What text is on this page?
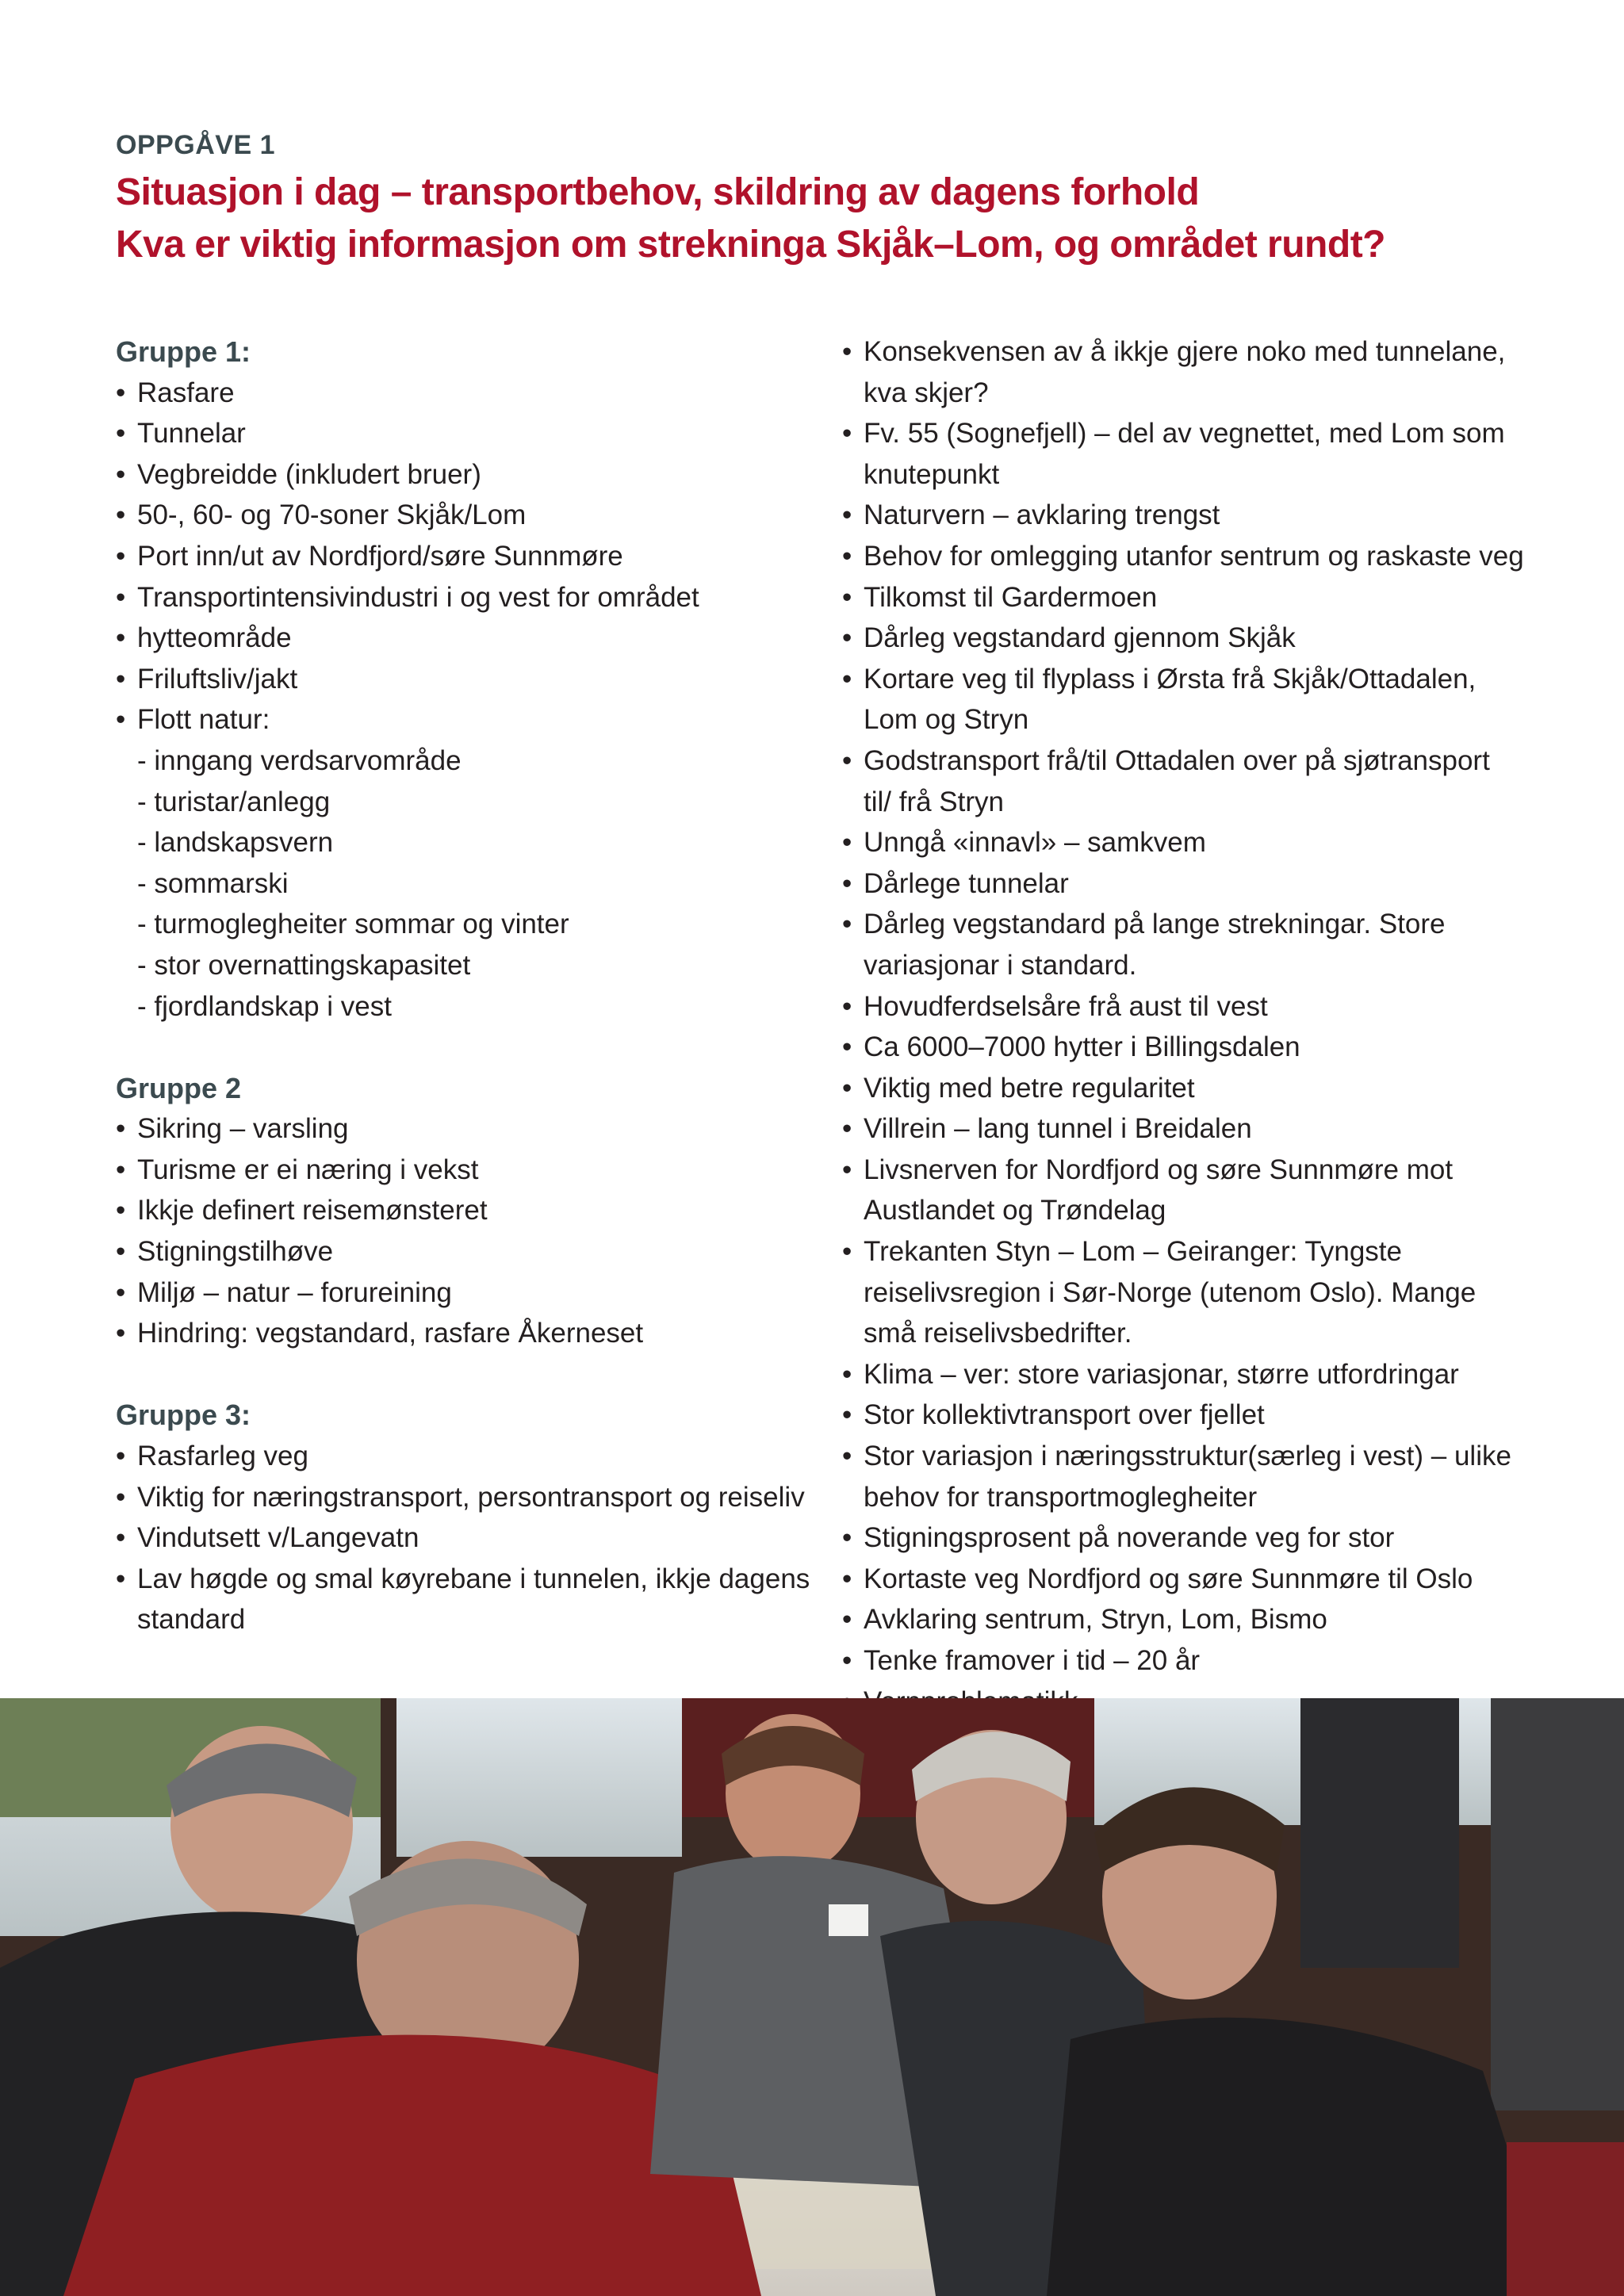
OPPGÅVE 1

Situasjon i dag – transportbehov, skildring av dagens forhold
Kva er viktig informasjon om strekninga Skjåk–Lom, og området rundt?

Gruppe 1:
• Rasfare
• Tunnelar
• Vegbreidde (inkludert bruer)
• 50-, 60- og 70-soner Skjåk/Lom
• Port inn/ut av Nordfjord/søre Sunnmøre
• Transportintensivindustri i og vest for området
• hytteområde
• Friluftsliv/jakt
• Flott natur:
- inngang verdsarvområde
- turistar/anlegg
- landskapsvern
- sommarski
- turmoglegheiter sommar og vinter
- stor overnattingskapasitet
- fjordlandskap i vest
Gruppe 2
• Sikring – varsling
• Turisme er ei næring i vekst
• Ikkje definert reisemønsteret
• Stigningstilhøve
• Miljø – natur – forureining
• Hindring: vegstandard, rasfare Åkerneset
Gruppe 3:
• Rasfarleg veg
• Viktig for næringstransport, persontransport og reiseliv
• Vindutsett v/Langevatn
• Lav høgde og smal køyrebane i tunnelen, ikkje dagens standard
• Konsekvensen av å ikkje gjere noko med tunnelane, kva skjer?
• Fv. 55 (Sognefjell) – del av vegnettet, med Lom som knutepunkt
• Naturvern – avklaring trengst
• Behov for omlegging utanfor sentrum og raskaste veg
• Tilkomst til Gardermoen
• Dårleg vegstandard gjennom Skjåk
• Kortare veg til flyplass i Ørsta frå Skjåk/Ottadalen, Lom og Stryn
• Godstransport frå/til Ottadalen over på sjøtransport til/ frå Stryn
• Unngå «innavl» – samkvem
• Dårlege tunnelar
• Dårleg vegstandard på lange strekningar. Store variasjonar i standard.
• Hovudferdselsåre frå aust til vest
• Ca 6000–7000 hytter i Billingsdalen
• Viktig med betre regularitet
• Villrein – lang tunnel i Breidalen
• Livsnerven for Nordfjord og søre Sunnmøre mot Austlandet og Trøndelag
• Trekanten Styn – Lom – Geiranger: Tyngste reiselivsregion i Sør-Norge (utenom Oslo). Mange små reiselivsbedrifter.
• Klima – ver: store variasjonar, større utfordringar
• Stor kollektivtransport over fjellet
• Stor variasjon i næringsstruktur(særleg i vest) – ulike behov for transportmoglegheiter
• Stigningsprosent på noverande veg for stor
• Kortaste veg Nordfjord og søre Sunnmøre til Oslo
• Avklaring sentrum, Stryn, Lom, Bismo
• Tenke framover i tid – 20 år
•
